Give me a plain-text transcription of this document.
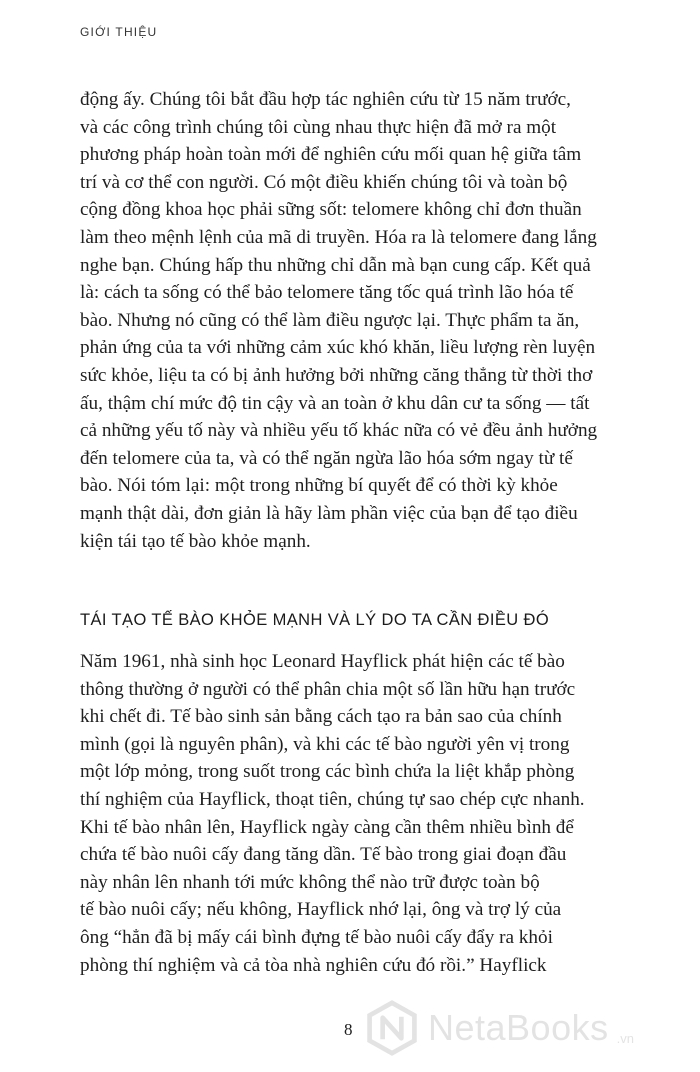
GIỚI THIỆU

động ấy. Chúng tôi bắt đầu hợp tác nghiên cứu từ 15 năm trước,
và các công trình chúng tôi cùng nhau thực hiện đã mở ra một
phương pháp hoàn toàn mới để nghiên cứu mối quan hệ giữa tâm
trí và cơ thể con người. Có một điều khiến chúng tôi và toàn bộ
cộng đồng khoa học phải sững sốt: telomere không chỉ đơn thuần
làm theo mệnh lệnh của mã di truyền. Hóa ra là telomere đang lắng
nghe bạn. Chúng hấp thu những chỉ dẫn mà bạn cung cấp. Kết quả
là: cách ta sống có thể bảo telomere tăng tốc quá trình lão hóa tế
bào. Nhưng nó cũng có thể làm điều ngược lại. Thực phẩm ta ăn,
phản ứng của ta với những cảm xúc khó khăn, liều lượng rèn luyện
sức khỏe, liệu ta có bị ảnh hưởng bởi những căng thẳng từ thời thơ
ấu, thậm chí mức độ tin cậy và an toàn ở khu dân cư ta sống — tất
cả những yếu tố này và nhiều yếu tố khác nữa có vẻ đều ảnh hưởng
đến telomere của ta, và có thể ngăn ngừa lão hóa sớm ngay từ tế
bào. Nói tóm lại: một trong những bí quyết để có thời kỳ khỏe
mạnh thật dài, đơn giản là hãy làm phần việc của bạn để tạo điều
kiện tái tạo tế bào khỏe mạnh.

TÁI TẠO TẾ BÀO KHỎE MẠNH VÀ LÝ DO TA CẦN ĐIỀU ĐÓ

Năm 1961, nhà sinh học Leonard Hayflick phát hiện các tế bào
thông thường ở người có thể phân chia một số lần hữu hạn trước
khi chết đi. Tế bào sinh sản bằng cách tạo ra bản sao của chính
mình (gọi là nguyên phân), và khi các tế bào người yên vị trong
một lớp mỏng, trong suốt trong các bình chứa la liệt khắp phòng
thí nghiệm của Hayflick, thoạt tiên, chúng tự sao chép cực nhanh.
Khi tế bào nhân lên, Hayflick ngày càng cần thêm nhiều bình để
chứa tế bào nuôi cấy đang tăng dần. Tế bào trong giai đoạn đầu
này nhân lên nhanh tới mức không thể nào trữ được toàn bộ
tế bào nuôi cấy; nếu không, Hayflick nhớ lại, ông và trợ lý của
ông “hẳn đã bị mấy cái bình đựng tế bào nuôi cấy đẩy ra khỏi
phòng thí nghiệm và cả tòa nhà nghiên cứu đó rồi.” Hayflick

8 NetaBooks .vn
